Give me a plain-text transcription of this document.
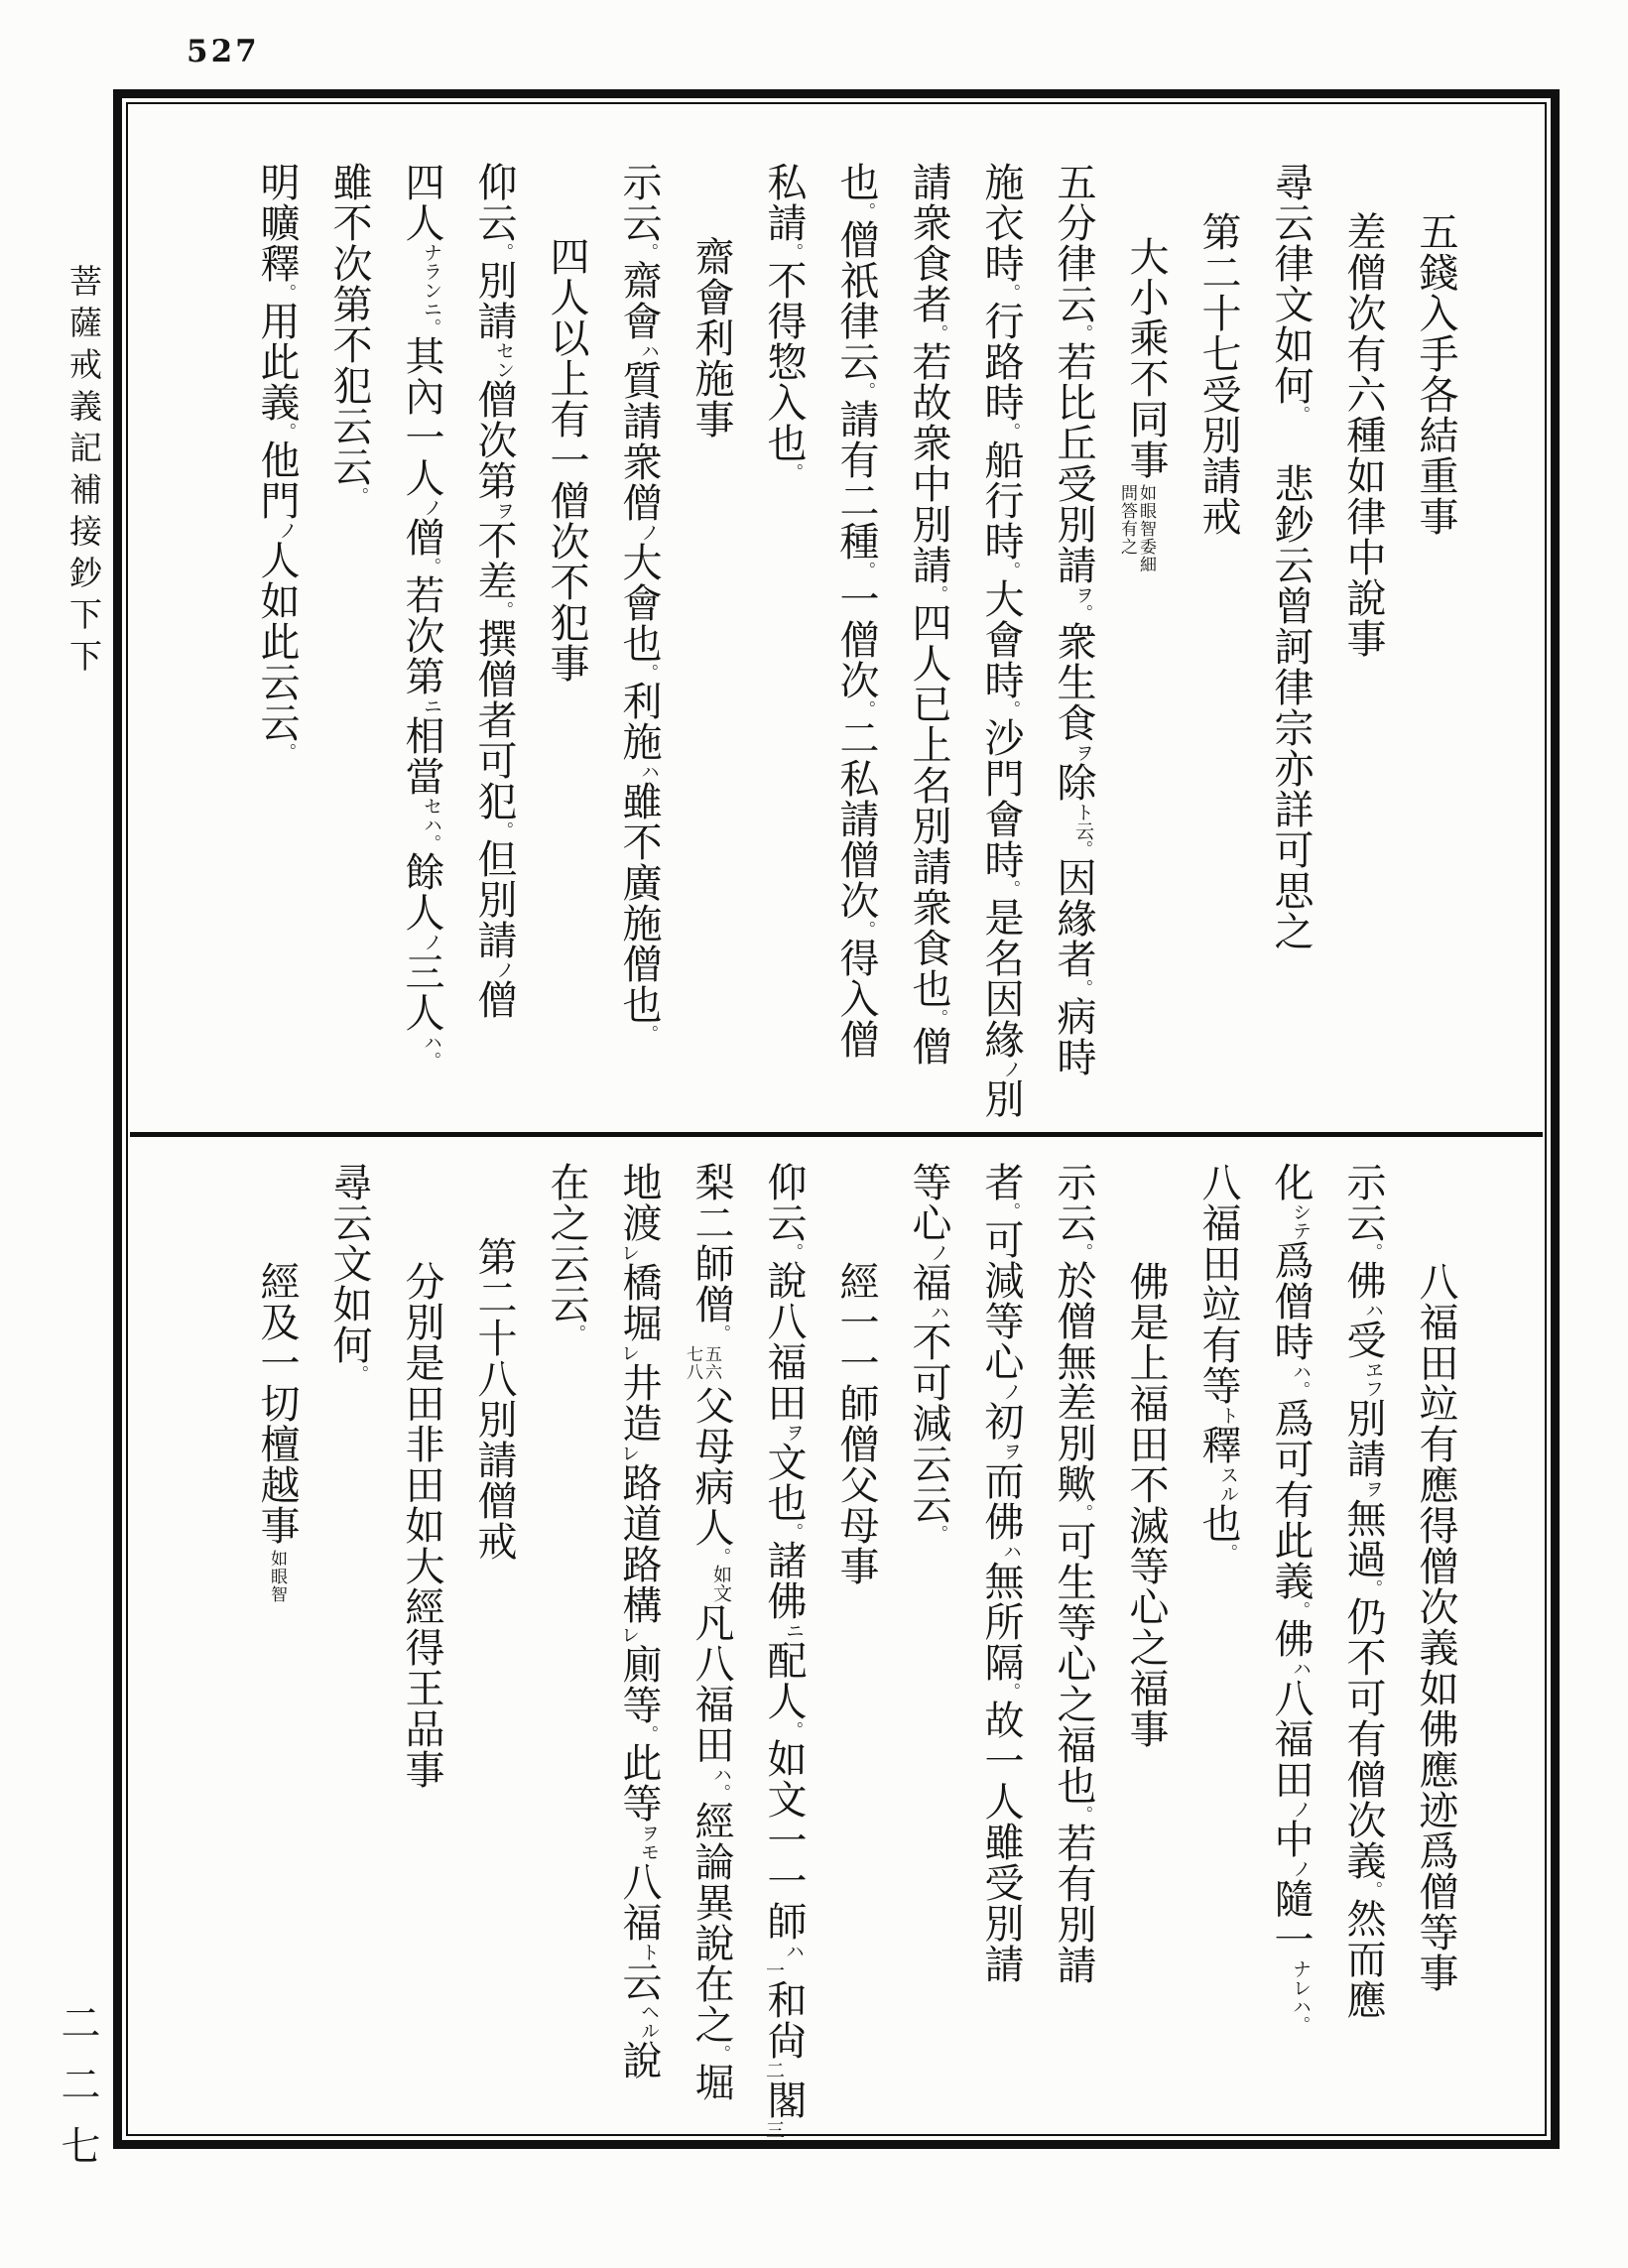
527
菩薩戒義記補接鈔下下
二二七
五錢入手各結重事
差僧次有六種如律中說事
尋云律文如何。　悲鈔云曾訶律宗亦詳可思之
第二十七受別請戒
大小乘不同事
如眼智委細
問答有之
五分律云。若比丘受別請ヲ。衆生食ヲ除ト云。因緣者。病時
施衣時。行路時。船行時。大會時。沙門會時。是名因緣ノ別
請衆食者。若故衆中別請。四人已上名別請衆食也。僧
也。僧祇律云。請有二種。一僧次。二私請僧次。得入僧
私請。不得惣入也。
齋會利施事
示云。齋會ハ質請衆僧ノ大會也。利施ハ雖不廣施僧也。
四人以上有一僧次不犯事
仰云。別請セン僧次第ヲ不差。撰僧者可犯。但別請ノ僧
四人ナランニ。其內一人ノ僧。若次第ニ相當セハ。餘人ノ三人ハ。
雖不次第不犯云云。
明曠釋。用此義。他門ノ人如此云云。
八福田竝有應得僧次義如佛應迹爲僧等事
示云。佛ハ受ヱフ別請ヲ無過。仍不可有僧次義。然而應
化シテ爲僧時ハ。爲可有此義。佛ハ八福田ノ中ノ隨一ナレハ。
八福田竝有等ト釋スル也。
佛是上福田不滅等心之福事
示云。於僧無差別歟。可生等心之福也。若有別請
者。可減等心ノ初ヲ而佛ハ無所隔。故一人雖受別請
等心ノ福ハ不可減云云。
經一一師僧父母事
仰云。說八福田ヲ文也。諸佛ニ配人。如文一一師ハ一和尙二閣三
梨二師僧。
五六
七八
父母病人。如文凡八福田ハ。經論異說在之。堀
地渡レ橋堀レ井造レ路道路構レ廁等。此等ヲモ八福ト云ヘル說
在之云云。
第二十八別請僧戒
分別是田非田如大經得王品事
尋云文如何。
經及一切檀越事
如眼智
